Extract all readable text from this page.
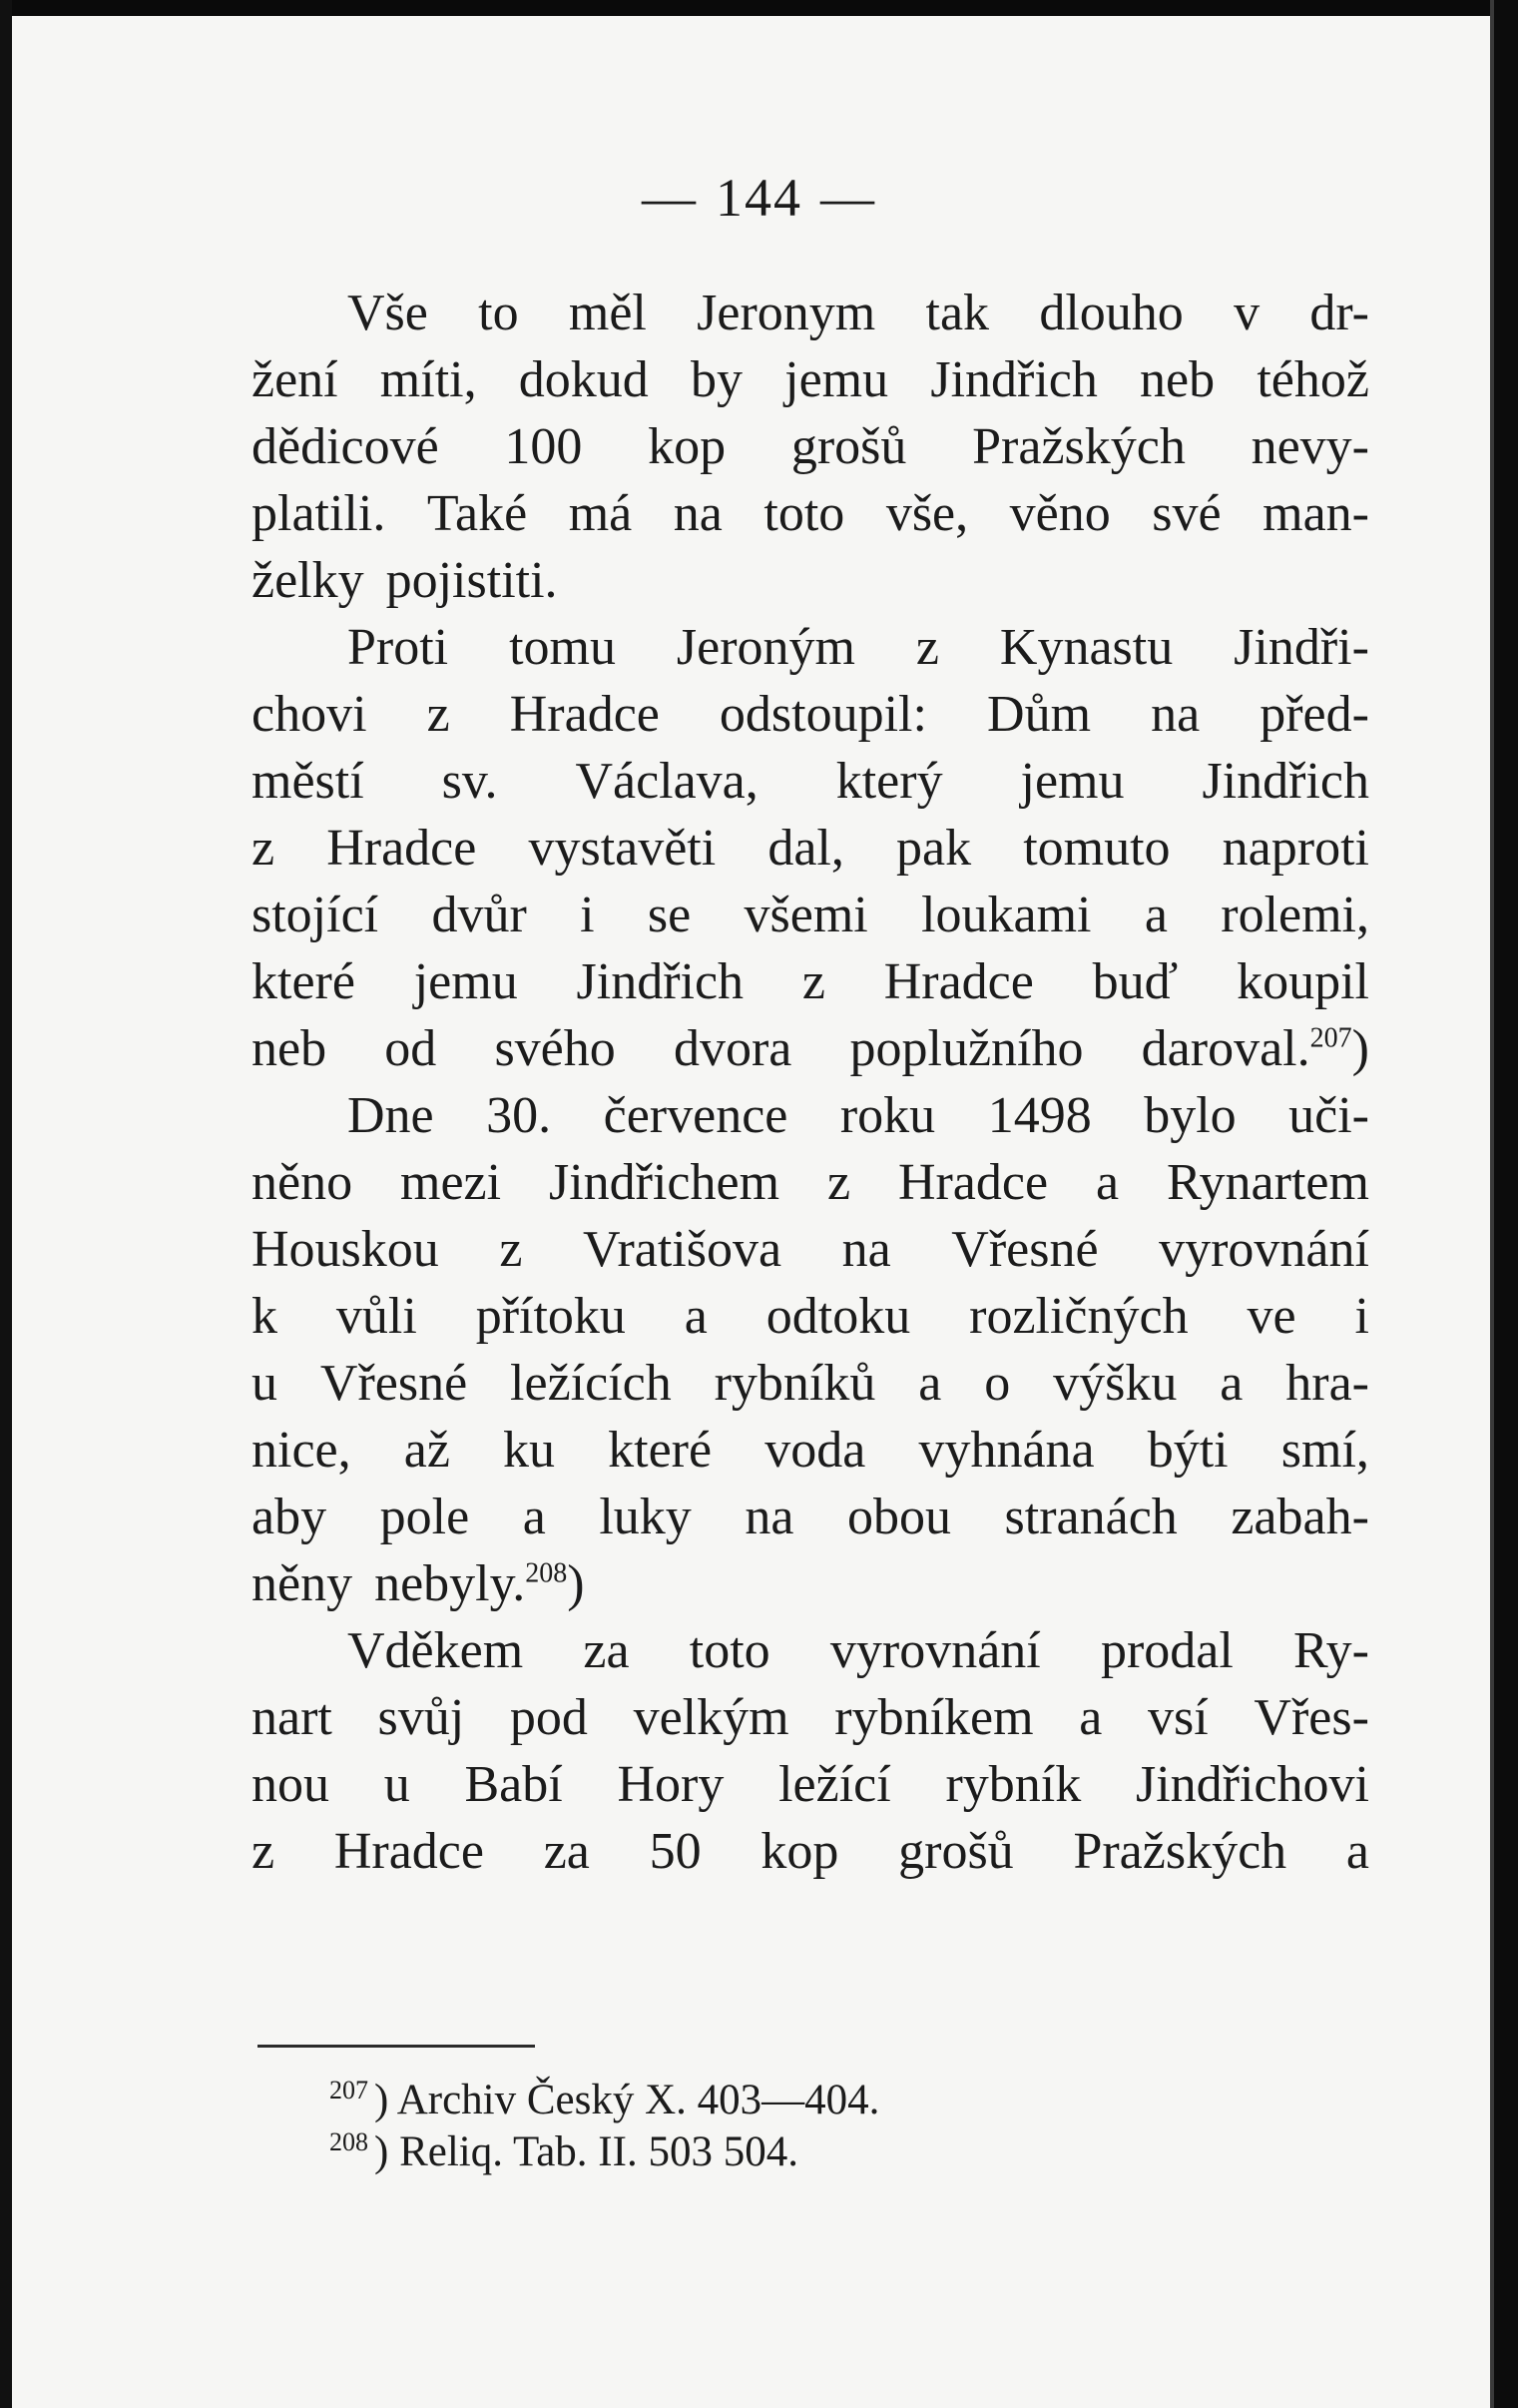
— 144 —
Vše to měl Jeronym tak dlouho v dr-
žení míti, dokud by jemu Jindřich neb téhož
dědicové 100 kop grošů Pražských nevy-
platili. Také má na toto vše, věno své man-
želky pojistiti.
Proti tomu Jeroným z Kynastu Jindři-
chovi z Hradce odstoupil: Dům na před-
městí sv. Václava, který jemu Jindřich
z Hradce vystavěti dal, pak tomuto naproti
stojící dvůr i se všemi loukami a rolemi,
které jemu Jindřich z Hradce buď koupil
neb od svého dvora poplužního daroval.$^{207}$)
Dne 30. července roku 1498 bylo uči-
něno mezi Jindřichem z Hradce a Rynartem
Houskou z Vratišova na Vřesné vyrovnání
k vůli přítoku a odtoku rozličných ve i
u Vřesné ležících rybníků a o výšku a hra-
nice, až ku které voda vyhnána býti smí,
aby pole a luky na obou stranách zabah-
něny nebyly.$^{208}$)
Vděkem za toto vyrovnání prodal Ry-
nart svůj pod velkým rybníkem a vsí Vřes-
nou u Babí Hory ležící rybník Jindřichovi
z Hradce za 50 kop grošů Pražských a
$^{207}$ ) Archiv Český X. 403—404.
$^{208}$ ) Reliq. Tab. II. 503 504.
